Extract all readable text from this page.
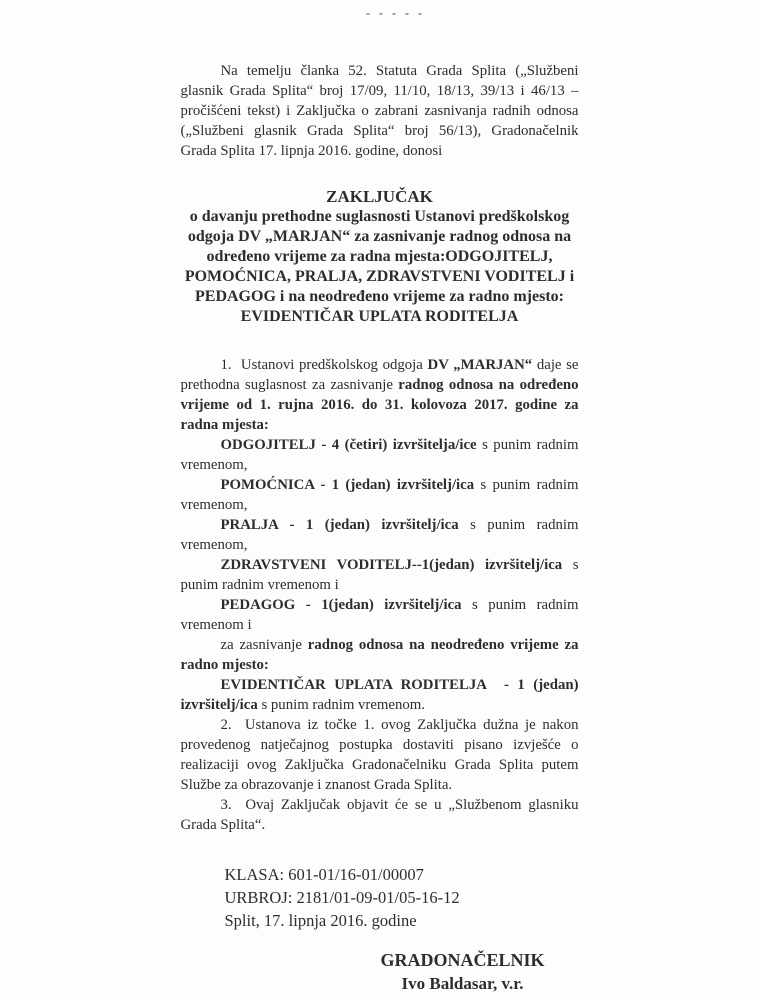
- - - - -

Na temelju članka 52. Statuta Grada Splita („Službeni glasnik Grada Splita“ broj 17/09, 11/10, 18/13, 39/13 i 46/13 – pročišćeni tekst) i Zaključka o zabrani zasnivanja radnih odnosa („Službeni glasnik Grada Splita“ broj 56/13), Gradonačelnik Grada Splita 17. lipnja 2016. godine, donosi

ZAKLJUČAK
o davanju prethodne suglasnosti Ustanovi predškolskog odgoja DV „MARJAN“ za zasnivanje radnog odnosa na određeno vrijeme za radna mjesta:ODGOJITELJ, POMOĆNICA, PRALJA, ZDRAVSTVENI VODITELJ i PEDAGOG i na neodređeno vrijeme za radno mjesto: EVIDENTIČAR UPLATA RODITELJA

1.  Ustanovi predškolskog odgoja DV „MARJAN“ daje se prethodna suglasnost za zasnivanje radnog odnosa na određeno vrijeme od 1. rujna 2016. do 31. kolovoza 2017. godine za radna mjesta:

ODGOJITELJ - 4 (četiri) izvršitelja/ice s punim radnim vremenom,

POMOĆNICA - 1 (jedan) izvršitelj/ica s punim radnim vremenom,

PRALJA - 1 (jedan) izvršitelj/ica s punim radnim vremenom,

ZDRAVSTVENI VODITELJ--1(jedan) izvršitelj/ica s punim radnim vremenom i

PEDAGOG - 1(jedan) izvršitelj/ica s punim radnim vremenom i

za zasnivanje radnog odnosa na neodređeno vrijeme za radno mjesto:

EVIDENTIČAR UPLATA RODITELJA  - 1 (jedan) izvršitelj/ica s punim radnim vremenom.

2.  Ustanova iz točke 1. ovog Zaključka dužna je nakon provedenog natječajnog postupka dostaviti pisano izvješće o realizaciji ovog Zaključka Gradonačelniku Grada Splita putem Službe za obrazovanje i znanost Grada Splita.

3.  Ovaj Zaključak objavit će se u „Službenom glasniku Grada Splita“.

KLASA: 601-01/16-01/00007
URBROJ: 2181/01-09-01/05-16-12
Split, 17. lipnja 2016. godine
GRADONAČELNIK
Ivo Baldasar, v.r.
